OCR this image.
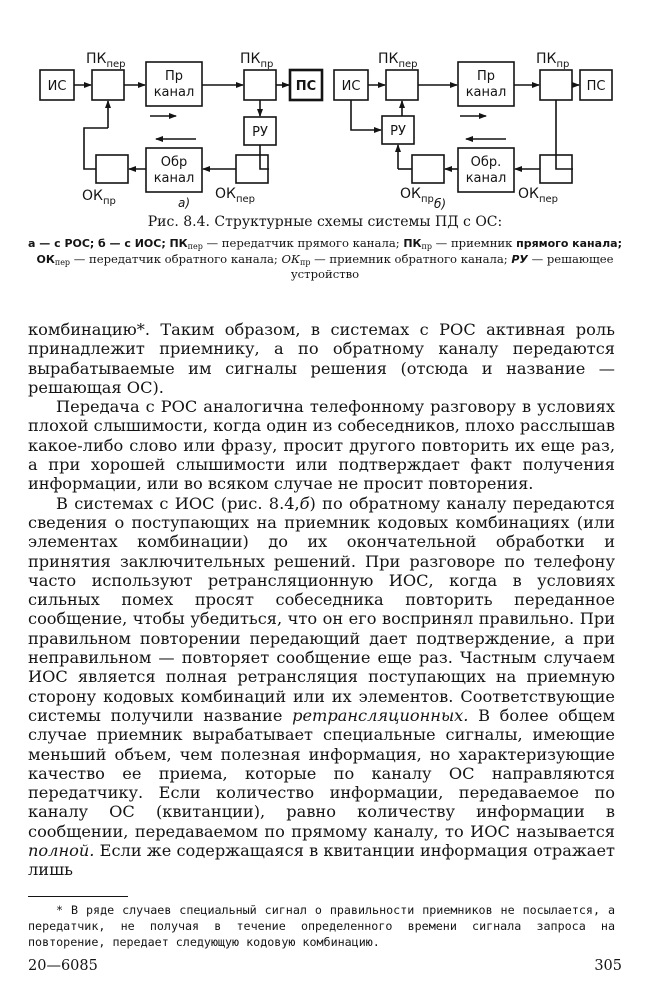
ИС
$ПК_{пер}$
Пр
канал
$ПК_{пр}$
ПС
РУ
Обр
канал
$ОК_{пр}$	$ОК_{пер}$
а)
ИС
$ПК_{пер}$
РУ
Пр
канал
$ПК_{пр}$
ПС
Обр.
канал
$ОК_{пр}$	$ОК_{пер}$
б)
Рис. 8.4. Структурные схемы системы ПД с ОС:
а — с РОС; б — с ИОС; $ПК_{пер}$ — передатчик прямого канала; $ПК_{пр}$ — приемник прямого канала; $ОК_{пер}$ — передатчик обратного канала; $ОК_{пр}$ — приемник обратного канала; РУ — решающее устройство

комбинацию*. Таким образом, в системах с РОС активная роль принадлежит приемнику, а по обратному каналу передаются вырабатываемые им сигналы решения (отсюда и название — решающая ОС).

Передача с РОС аналогична телефонному разговору в условиях плохой слышимости, когда один из собеседников, плохо расслышав какое-либо слово или фразу, просит другого повторить их еще раз, а при хорошей слышимости или подтверждает факт получения информации, или во всяком случае не просит повторения.

В системах с ИОС (рис. 8.4,б) по обратному каналу передаются сведения о поступающих на приемник кодовых комбинациях (или элементах комбинации) до их окончательной обработки и принятия заключительных решений. При разговоре по телефону часто используют ретрансляционную ИОС, когда в условиях сильных помех просят собеседника повторить переданное сообщение, чтобы убедиться, что он его воспринял правильно. При правильном повторении передающий дает подтверждение, а при неправильном — повторяет сообщение еще раз. Частным случаем ИОС является полная ретрансляция поступающих на приемную сторону кодовых комбинаций или их элементов. Соответствующие системы получили название ретрансляционных. В более общем случае приемник вырабатывает специальные сигналы, имеющие меньший объем, чем полезная информация, но характеризующие качество ее приема, которые по каналу ОС направляются передатчику. Если количество информации, передаваемое по каналу ОС (квитанции), равно количеству информации в сообщении, передаваемом по прямому каналу, то ИОС называется полной. Если же содержащаяся в квитанции информация отражает лишь

* В ряде случаев специальный сигнал о правильности приемников не посылается, а передатчик, не получая в течение определенного времени сигнала запроса на повторение, передает следующую кодовую комбинацию.

20—6085	305
